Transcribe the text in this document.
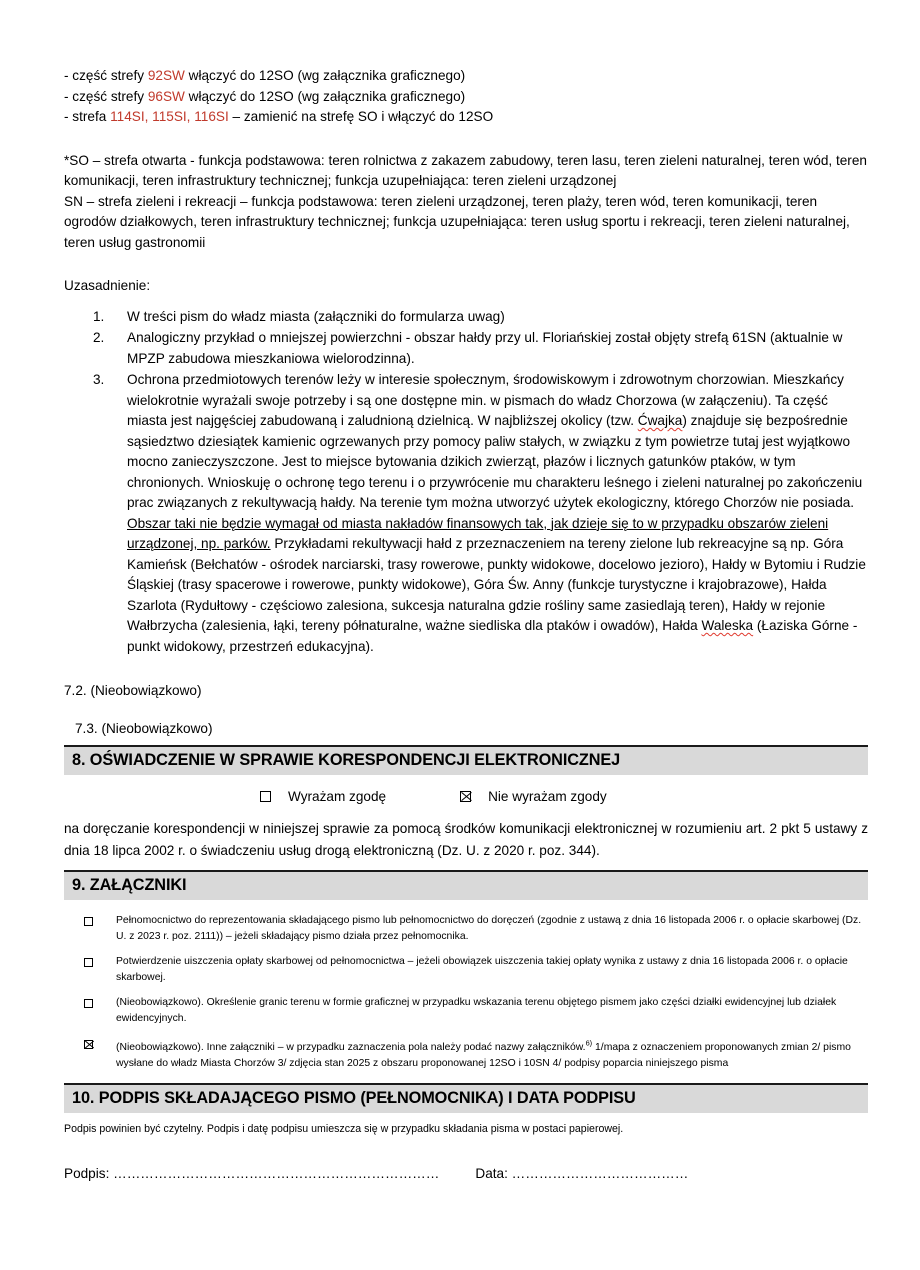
- część strefy 92SW włączyć do 12SO (wg załącznika graficznego)
- część strefy 96SW włączyć do 12SO (wg załącznika graficznego)
- strefa 114SI, 115SI, 116SI – zamienić na strefę SO i włączyć do 12SO

*SO – strefa otwarta - funkcja podstawowa: teren rolnictwa z zakazem zabudowy, teren lasu, teren zieleni naturalnej, teren wód, teren komunikacji, teren infrastruktury technicznej; funkcja uzupełniająca: teren zieleni urządzonej

SN – strefa zieleni i rekreacji – funkcja podstawowa: teren zieleni urządzonej, teren plaży, teren wód, teren komunikacji, teren ogrodów działkowych, teren infrastruktury technicznej; funkcja uzupełniająca: teren usług sportu i rekreacji, teren zieleni naturalnej, teren usług gastronomii

Uzasadnienie:

1. W treści pism do władz miasta (załączniki do formularza uwag)
2. Analogiczny przykład o mniejszej powierzchni - obszar hałdy przy ul. Floriańskiej został objęty strefą 61SN (aktualnie w MPZP zabudowa mieszkaniowa wielorodzinna).
3. Ochrona przedmiotowych terenów leży w interesie społecznym, środowiskowym i zdrowotnym chorzowian. Mieszkańcy wielokrotnie wyrażali swoje potrzeby i są one dostępne min. w pismach do władz Chorzowa (w załączeniu). Ta część miasta jest najgęściej zabudowaną i zaludnioną dzielnicą. W najbliższej okolicy (tzw. Ćwajka) znajduje się bezpośrednie sąsiedztwo dziesiątek kamienic ogrzewanych przy pomocy paliw stałych, w związku z tym powietrze tutaj jest wyjątkowo mocno zanieczyszczone. Jest to miejsce bytowania dzikich zwierząt, płazów i licznych gatunków ptaków, w tym chronionych. Wnioskuję o ochronę tego terenu i o przywrócenie mu charakteru leśnego i zieleni naturalnej po zakończeniu prac związanych z rekultywacją hałdy. Na terenie tym można utworzyć użytek ekologiczny, którego Chorzów nie posiada. Obszar taki nie będzie wymagał od miasta nakładów finansowych tak, jak dzieje się to w przypadku obszarów zieleni urządzonej, np. parków. Przykładami rekultywacji hałd z przeznaczeniem na tereny zielone lub rekreacyjne są np. Góra Kamieńsk (Bełchatów - ośrodek narciarski, trasy rowerowe, punkty widokowe, docelowo jezioro), Hałdy w Bytomiu i Rudzie Śląskiej (trasy spacerowe i rowerowe, punkty widokowe), Góra Św. Anny (funkcje turystyczne i krajobrazowe), Hałda Szarlota (Rydułtowy - częściowo zalesiona, sukcesja naturalna gdzie rośliny same zasiedlają teren), Hałdy w rejonie Wałbrzycha (zalesienia, łąki, tereny półnaturalne, ważne siedliska dla ptaków i owadów), Hałda Waleska (Łaziska Górne - punkt widokowy, przestrzeń edukacyjna).

7.2. (Nieobowiązkowo)

7.3. (Nieobowiązkowo)

8. OŚWIADCZENIE W SPRAWIE KORESPONDENCJI ELEKTRONICZNEJ
Wyrażam zgodę	Nie wyrażam zgody

na doręczanie korespondencji w niniejszej sprawie za pomocą środków komunikacji elektronicznej w rozumieniu art. 2 pkt 5 ustawy z dnia 18 lipca 2002 r. o świadczeniu usług drogą elektroniczną (Dz. U. z 2020 r. poz. 344).

9. ZAŁĄCZNIKI
Pełnomocnictwo do reprezentowania składającego pismo lub pełnomocnictwo do doręczeń (zgodnie z ustawą z dnia 16 listopada 2006 r. o opłacie skarbowej (Dz. U. z 2023 r. poz. 2111)) – jeżeli składający pismo działa przez pełnomocnika.
Potwierdzenie uiszczenia opłaty skarbowej od pełnomocnictwa – jeżeli obowiązek uiszczenia takiej opłaty wynika z ustawy z dnia 16 listopada 2006 r. o opłacie skarbowej.
(Nieobowiązkowo). Określenie granic terenu w formie graficznej w przypadku wskazania terenu objętego pismem jako części działki ewidencyjnej lub działek ewidencyjnych.
(Nieobowiązkowo). Inne załączniki – w przypadku zaznaczenia pola należy podać nazwy załączników.$^{6)}$ 1/mapa z oznaczeniem proponowanych zmian 2/ pismo wysłane do władz Miasta Chorzów 3/ zdjęcia stan 2025 z obszaru proponowanej 12SO i 10SN 4/ podpisy poparcia niniejszego pisma
10. PODPIS SKŁADAJĄCEGO PISMO (PEŁNOMOCNIKA) I DATA PODPISU

Podpis powinien być czytelny. Podpis i datę podpisu umieszcza się w przypadku składania pisma w postaci papierowej.

Podpis: ………………………………………………………………	Data: …………………………………
